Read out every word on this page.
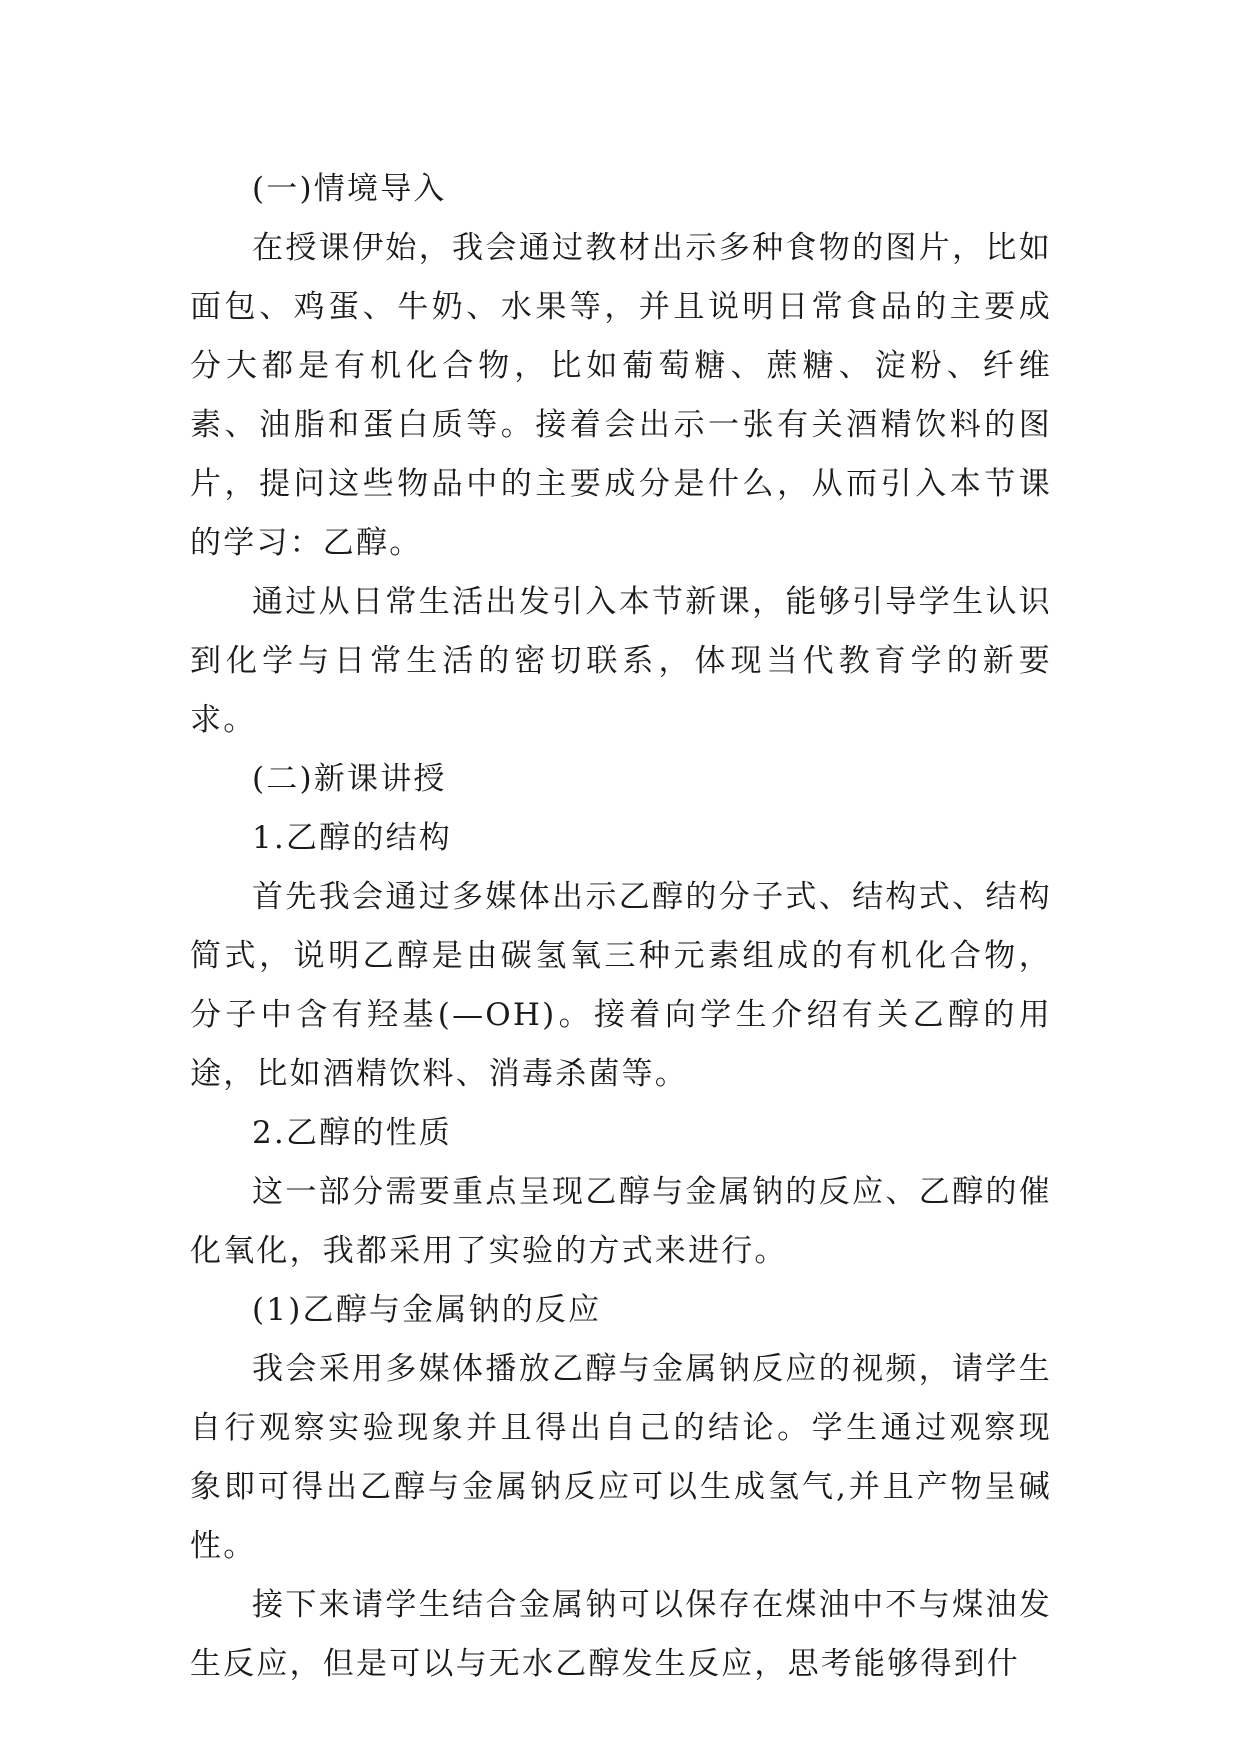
(一)情境导入

在授课伊始，我会通过教材出示多种食物的图片，比如面包、鸡蛋、牛奶、水果等，并且说明日常食品的主要成分大都是有机化合物，比如葡萄糖、蔗糖、淀粉、纤维素、油脂和蛋白质等。接着会出示一张有关酒精饮料的图片，提问这些物品中的主要成分是什么，从而引入本节课的学习：乙醇。

通过从日常生活出发引入本节新课，能够引导学生认识到化学与日常生活的密切联系，体现当代教育学的新要求。

(二)新课讲授

1.乙醇的结构

首先我会通过多媒体出示乙醇的分子式、结构式、结构简式，说明乙醇是由碳氢氧三种元素组成的有机化合物，分子中含有羟基(—OH)。接着向学生介绍有关乙醇的用途，比如酒精饮料、消毒杀菌等。

2.乙醇的性质

这一部分需要重点呈现乙醇与金属钠的反应、乙醇的催化氧化，我都采用了实验的方式来进行。

(1)乙醇与金属钠的反应

我会采用多媒体播放乙醇与金属钠反应的视频，请学生自行观察实验现象并且得出自己的结论。学生通过观察现象即可得出乙醇与金属钠反应可以生成氢气,并且产物呈碱性。

接下来请学生结合金属钠可以保存在煤油中不与煤油发生反应，但是可以与无水乙醇发生反应，思考能够得到什
